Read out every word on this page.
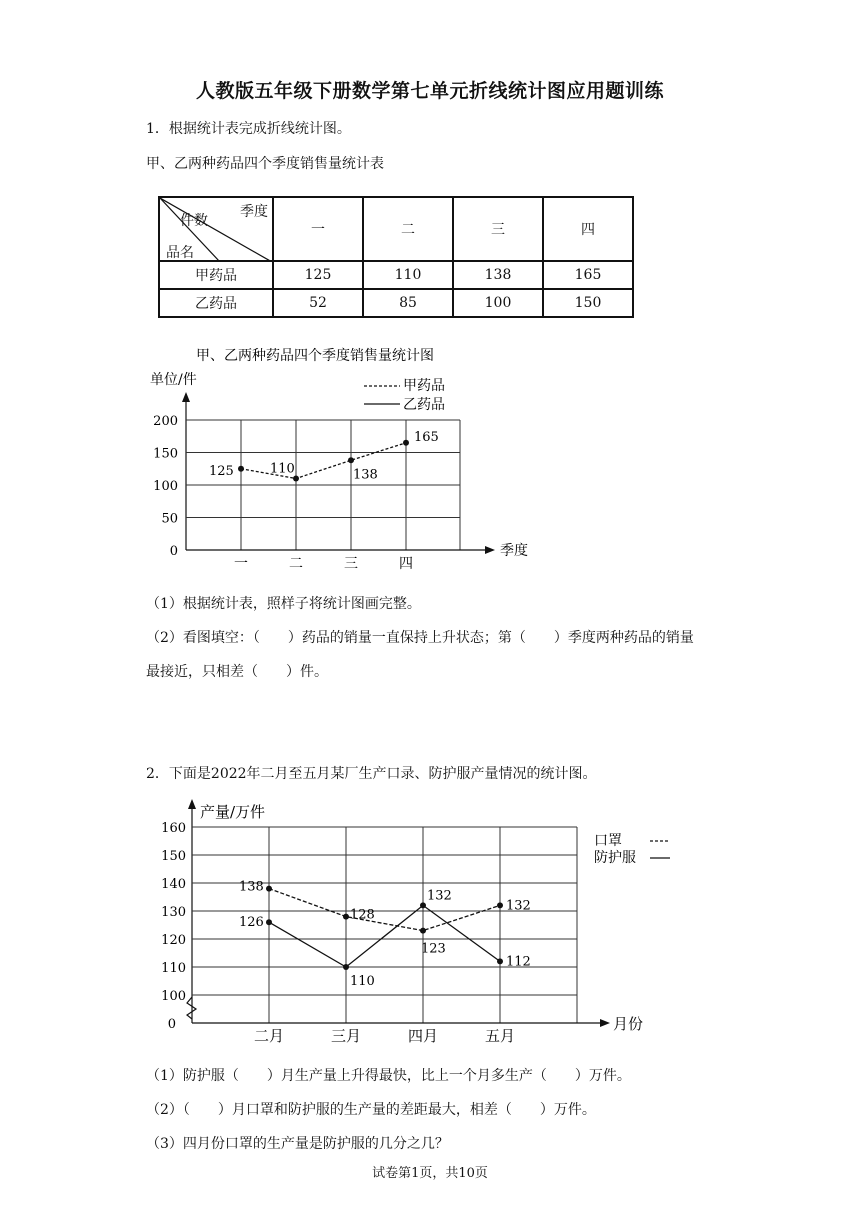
人教版五年级下册数学第七单元折线统计图应用题训练
1．根据统计表完成折线统计图。
甲、乙两种药品四个季度销售量统计表
季度
件数
品名	一	二	三	四
甲药品	125	110	138	165
乙药品	52	85	100	150
甲、乙两种药品四个季度销售量统计图
单位/件
0
50
100
150
200
季度
一	二	三	四
甲药品
乙药品
125	110	138
165
（1）根据统计表，照样子将统计图画完整。
（2）看图填空：（　　）药品的销量一直保持上升状态；第（　　）季度两种药品的销量
最接近，只相差（　　）件。
2．下面是2022年二月至五月某厂生产口录、防护服产量情况的统计图。
产量/万件
100
110
120
130
140
150
160
0	月份
二月	三月	四月	五月
口罩
防护服
138
128
123
132
126
110
132
112
（1）防护服（　　）月生产量上升得最快，比上一个月多生产（　　）万件。
（2）（　　）月口罩和防护服的生产量的差距最大，相差（　　）万件。
（3）四月份口罩的生产量是防护服的几分之几？
试卷第1页，共10页
